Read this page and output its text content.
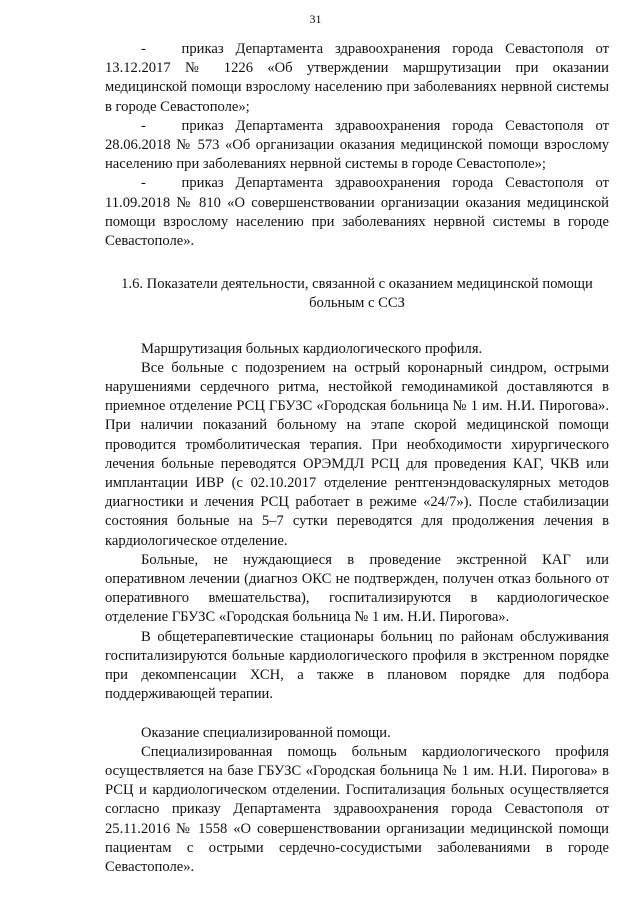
31

-   приказ Департамента здравоохранения города Севастополя от 13.12.2017 № 1226 «Об утверждении маршрутизации при оказании медицинской помощи взрослому населению при заболеваниях нервной системы в городе Севастополе»;

-   приказ Департамента здравоохранения города Севастополя от 28.06.2018 № 573 «Об организации оказания медицинской помощи взрослому населению при заболеваниях нервной системы в городе Севастополе»;

-   приказ Департамента здравоохранения города Севастополя от 11.09.2018 № 810 «О совершенствовании организации оказания медицинской помощи взрослому населению при заболеваниях нервной системы в городе Севастополе».

1.6. Показатели деятельности, связанной с оказанием медицинской помощи больным с ССЗ

Маршрутизация больных кардиологического профиля.

Все больные с подозрением на острый коронарный синдром, острыми нарушениями сердечного ритма, нестойкой гемодинамикой доставляются в приемное отделение РСЦ ГБУЗС «Городская больница № 1 им. Н.И. Пирогова». При наличии показаний больному на этапе скорой медицинской помощи проводится тромболитическая терапия. При необходимости хирургического лечения больные переводятся ОРЭМДЛ РСЦ для проведения КАГ, ЧКВ или имплантации ИВР (с 02.10.2017 отделение рентгенэндоваскулярных методов диагностики и лечения РСЦ работает в режиме «24/7»). После стабилизации состояния больные на 5–7 сутки переводятся для продолжения лечения в кардиологическое отделение.

Больные, не нуждающиеся в проведение экстренной КАГ или оперативном лечении (диагноз ОКС не подтвержден, получен отказ больного от оперативного вмешательства), госпитализируются в кардиологическое отделение ГБУЗС «Городская больница № 1 им. Н.И. Пирогова».

В общетерапевтические стационары больниц по районам обслуживания госпитализируются больные кардиологического профиля в экстренном порядке при декомпенсации ХСН, а также в плановом порядке для подбора поддерживающей терапии.

Оказание специализированной помощи.

Специализированная помощь больным кардиологического профиля осуществляется на базе ГБУЗС «Городская больница № 1 им. Н.И. Пирогова» в РСЦ и кардиологическом отделении. Госпитализация больных осуществляется согласно приказу Департамента здравоохранения города Севастополя от 25.11.2016 № 1558 «О совершенствовании организации медицинской помощи пациентам с острыми сердечно-сосудистыми заболеваниями в городе Севастополе».
